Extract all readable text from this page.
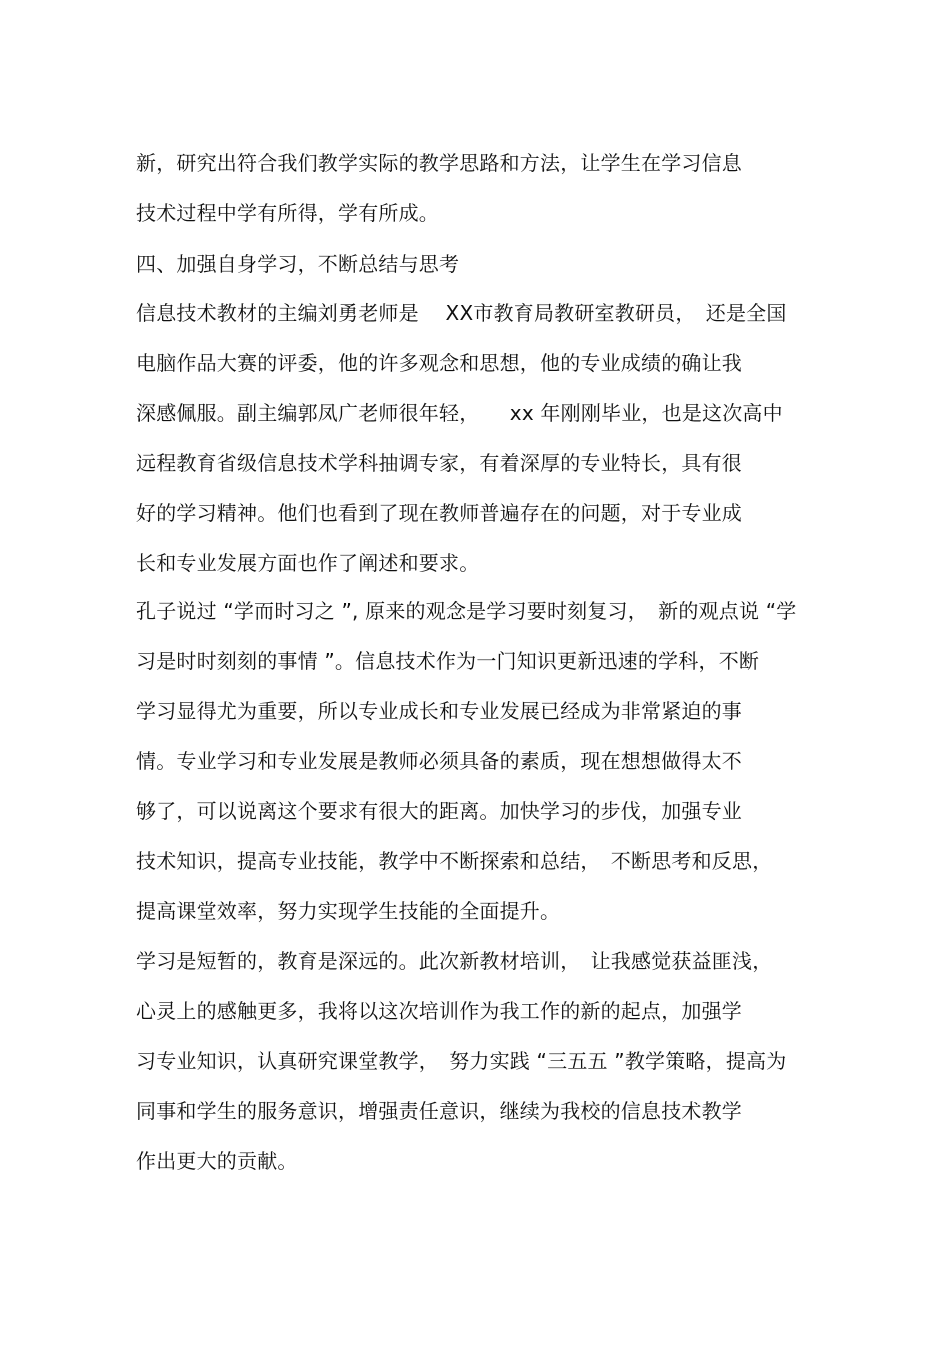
新，研究出符合我们教学实际的教学思路和方法，让学生在学习信息
技术过程中学有所得，学有所成。
四、加强自身学习，不断总结与思考
信息技术教材的主编刘勇老师是　 XX市教育局教研室教研员，　还是全国
电脑作品大赛的评委，他的许多观念和思想，他的专业成绩的确让我
深感佩服。副主编郭凤广老师很年轻，　　xx 年刚刚毕业，也是这次高中
远程教育省级信息技术学科抽调专家，有着深厚的专业特长，具有很
好的学习精神。他们也看到了现在教师普遍存在的问题，对于专业成
长和专业发展方面也作了阐述和要求。
孔子说过 “学而时习之 ”, 原来的观念是学习要时刻复习，　新的观点说 “学
习是时时刻刻的事情 ”。信息技术作为一门知识更新迅速的学科，不断
学习显得尤为重要，所以专业成长和专业发展已经成为非常紧迫的事
情。专业学习和专业发展是教师必须具备的素质，现在想想做得太不
够了，可以说离这个要求有很大的距离。加快学习的步伐，加强专业
技术知识，提高专业技能，教学中不断探索和总结，　不断思考和反思，
提高课堂效率，努力实现学生技能的全面提升。
学习是短暂的，教育是深远的。此次新教材培训，　让我感觉获益匪浅，
心灵上的感触更多，我将以这次培训作为我工作的新的起点，加强学
习专业知识，认真研究课堂教学，　努力实践 “三五五 ”教学策略，提高为
同事和学生的服务意识，增强责任意识，继续为我校的信息技术教学
作出更大的贡献。
